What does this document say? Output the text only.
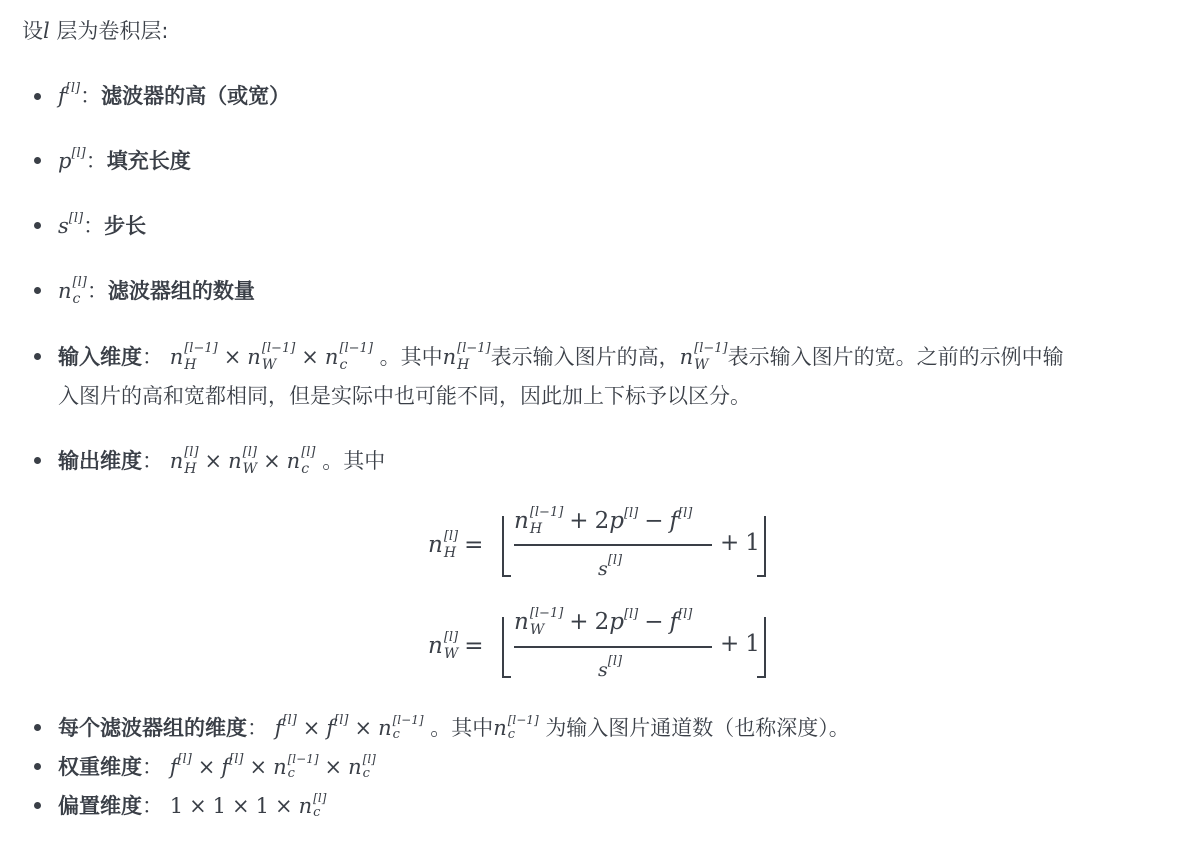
设l 层为卷积层:
f[l]：滤波器的高（或宽）
p[l]：填充长度
s[l]：步长
n [l]
c ：滤波器组的数量
输入维度： n [l−1]
H	× n [l−1]
W	× n [l−1]
c	。其中n [l−1]
H	表示输入图片的高，n [l−1]
W 表示输入图片的宽。之前的示例中输
入图片的高和宽都相同，但是实际中也可能不同，因此加上下标予以区分。
输出维度： n [l]
H × n [l]
W × n [l]
c 。其中
n [l]
H =
n [l−1]
H	+ 2p[l] − f[l]
s[l]
+ 1
n [l]
W =
n [l−1]
W	+ 2p[l] − f[l]
s[l]
+ 1
每个滤波器组的维度： f[l] × f[l] × n [l−1]
c	。其中n [l−1]
c	为输入图片通道数（也称深度）。
权重维度： f[l] × f[l] × n [l−1]
c	× n [l]
c
偏置维度： 1 × 1 × 1 × n [l]
c
